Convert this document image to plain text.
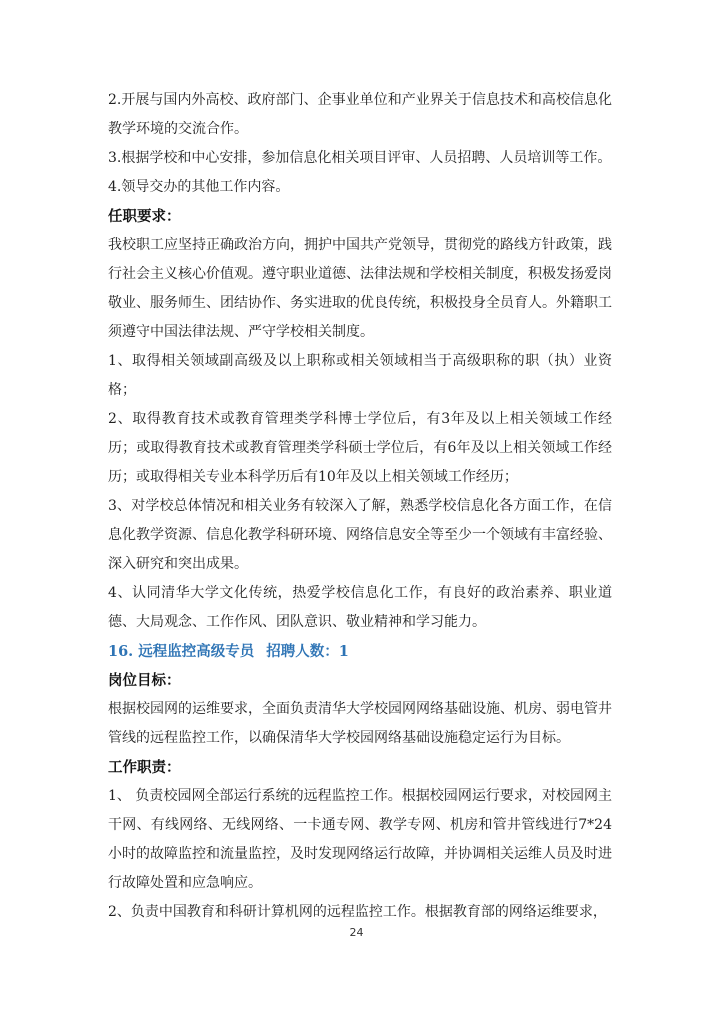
2.开展与国内外高校、政府部门、企事业单位和产业界关于信息技术和高校信息化教学环境的交流合作。

3.根据学校和中心安排，参加信息化相关项目评审、人员招聘、人员培训等工作。

4.领导交办的其他工作内容。

任职要求：

我校职工应坚持正确政治方向，拥护中国共产党领导，贯彻党的路线方针政策，践行社会主义核心价值观。遵守职业道德、法律法规和学校相关制度，积极发扬爱岗敬业、服务师生、团结协作、务实进取的优良传统，积极投身全员育人。外籍职工须遵守中国法律法规、严守学校相关制度。

1、取得相关领域副高级及以上职称或相关领域相当于高级职称的职（执）业资格；

2、取得教育技术或教育管理类学科博士学位后，有3年及以上相关领域工作经历；或取得教育技术或教育管理类学科硕士学位后，有6年及以上相关领域工作经历；或取得相关专业本科学历后有10年及以上相关领域工作经历；

3、对学校总体情况和相关业务有较深入了解，熟悉学校信息化各方面工作，在信息化教学资源、信息化教学科研环境、网络信息安全等至少一个领域有丰富经验、深入研究和突出成果。

4、认同清华大学文化传统，热爱学校信息化工作，有良好的政治素养、职业道德、大局观念、工作作风、团队意识、敬业精神和学习能力。

16. 远程监控高级专员 招聘人数：1

岗位目标：

根据校园网的运维要求，全面负责清华大学校园网网络基础设施、机房、弱电管井管线的远程监控工作，以确保清华大学校园网络基础设施稳定运行为目标。

工作职责：

1、 负责校园网全部运行系统的远程监控工作。根据校园网运行要求，对校园网主干网、有线网络、无线网络、一卡通专网、教学专网、机房和管井管线进行7*24小时的故障监控和流量监控，及时发现网络运行故障，并协调相关运维人员及时进行故障处置和应急响应。

2、负责中国教育和科研计算机网的远程监控工作。根据教育部的网络运维要求，

24
